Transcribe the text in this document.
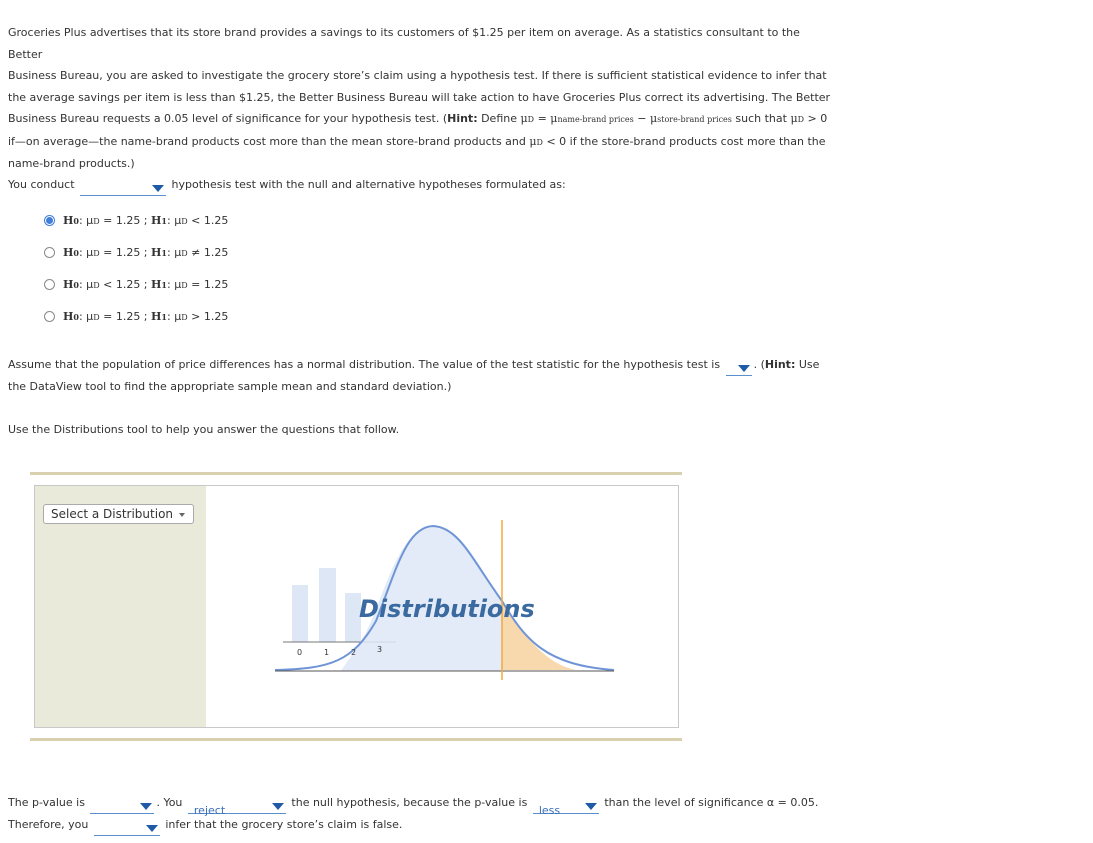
Groceries Plus advertises that its store brand provides a savings to its customers of $1.25 per item on average. As a statistics consultant to the Better
Business Bureau, you are asked to investigate the grocery store’s claim using a hypothesis test. If there is sufficient statistical evidence to infer that
the average savings per item is less than $1.25, the Better Business Bureau will take action to have Groceries Plus correct its advertising. The Better
Business Bureau requests a 0.05 level of significance for your hypothesis test. (Hint: Define μD = μname-brand prices − μstore-brand prices such that μD > 0
if—on average—the name-brand products cost more than the mean store-brand products and μD < 0 if the store-brand products cost more than the
name-brand products.)
You conduct	hypothesis test with the null and alternative hypotheses formulated as:
H0: μD = 1.25 ; H1: μD < 1.25
H0: μD = 1.25 ; H1: μD ≠ 1.25
H0: μD < 1.25 ; H1: μD = 1.25
H0: μD = 1.25 ; H1: μD > 1.25
Assume that the population of price differences has a normal distribution. The value of the test statistic for the hypothesis test is	. (Hint: Use
the DataView tool to find the appropriate sample mean and standard deviation.)
Use the Distributions tool to help you answer the questions that follow.
Select a Distribution
0	1	2	3
Distributions
The p-value is	. You reject
the null hypothesis, because the p-value is less
than the level of significance α = 0.05.
Therefore, you	infer that the grocery store’s claim is false.
